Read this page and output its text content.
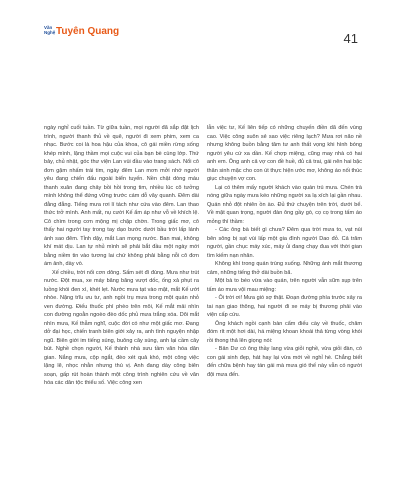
Văn
Nghệ Tuyên Quang	41

ngày nghỉ cuối tuần. Từ giữa tuần, mọi người đã sắp đặt lịch trình, người thanh thủ về quê, người đi xem phim, xem ca nhạc. Bước coi là hoa hậu của khoa, cô gái miền rừng sống khép mình, lặng thầm mọi cuộc vui của bạn bè cùng lớp. Thứ bảy, chủ nhật, góc thư viện Lan vùi đầu vào trang sách. Nổi cô đơn gặm nhấm trái tim, ngày đêm Lan mơn mởi nhớ người yêu đang chiến đấu ngoài biển tuyến. Nền chật dòng máu thanh xuân đang chảy bồi hồi trong tim, nhiều lúc cô tưởng mình không thể đứng vững trước cám dỗ vây quanh. Đêm dài đằng đẵng. Tiếng mưa rơi lí tách như cứa vào đêm. Lan thao thức trở mình. Anh mất, nụ cười Kế ẩm áp như vỗ về khích lệ. Cô chìm trong cơn mộng mị chập chờn. Trong giấc mơ, cô thấy hai người tay trong tay dạo bước dưới bầu trời lấp lánh ánh sao đêm. Tỉnh dậy, mắt Lan mọng nước. Ban mai, không khí mát dịu. Lan tự nhủ mình sẽ phải bắt đầu một ngày mới bằng niềm tin vào tương lai chứ không phải bằng nỗi cô đơn ám ảnh, dày vò.

Xế chiều, trời nổi cơn dông. Sấm sét đì đùng. Mưa như trút nước. Đột mua, xe máy băng băng vượt dốc, ống xả phụt ra luồng khói đen xì, khét lẹt. Nước mưa tạt vào mặt, mắt Kế ướt nhòe. Nặng trĩu ưu tư, anh ngồi trụ mưa trong một quán nhỏ ven đường. Điếu thuốc phì phèo trên môi, Kế mắt mải nhìn con đường ngoằn ngoèo đèo dốc phủ mưa trắng xóa. Dõi mắt nhìn mưa, Kế thẫm nghĩ, cuộc đời có như một giấc mơ. Đang dở đại học, chiến tranh biên giới xảy ra, anh tình nguyện nhập ngũ. Biên giới im tiếng súng, buông cây súng, anh lại cầm cây bút. Nghề chọn người, Kế thành nhà sưu tầm văn hóa dân gian. Nắng mưa, cộp ngắt, đèo xét quả khó, một công việc lặng lẽ, nhọc nhằn nhưng thú vị. Anh đang dày công biên soạn, gấp rút hoàn thành một công trình nghiên cứu về văn hóa các dân tộc thiểu số. Việc công xen

lẫn việc tư, Kế liên tiếp có những chuyến điền dã đến vùng cao. Việc công suôn sẻ sao việc riêng lạch? Mưa rơi não nề nhưng không buồn bằng tâm tư anh thất vọng khi hình bóng người yêu cứ xa dần. Kế chợp miệng, cũng may nhà có hai anh em. Ông anh cả vợ con đề huề, đủ cả trai, gái nên hai bậc thân sinh mặc cho con út thực hiện ước mơ, không áo nối thúc giục chuyện vợ con.

Lại có thêm mấy người khách vào quán trú mưa. Chén trà nóng giữa ngày mưa kéo những người xa lạ xích lại gần nhau. Quán nhỏ đột nhiên ồn ào. Đủ thứ chuyện trên trời, dưới bể. Về mặt quan trọng, người đàn ông gầy gò, cọ cọ trong tấm áo mỏng thì thầm:

- Các ông bà biết gì chưa? Đêm qua trời mưa to, vạt núi bên sông bị sạt vùi lấp một gia đình người Dao đỏ. Cả trăm người, gần chục máy xúc, máy ủi đang chạy đua với thời gian tìm kiếm nạn nhân.

Không khí trong quán trùng xuống. Những ánh mắt thương cảm, những tiếng thở dài buồn bã.

Một bà to béo vừa vào quán, trên người vẫn sũm sụp trên tấm áo mưa vội mau miệng:

- Ôi trời ơi! Mưa gió sợ thật. Đoạn đường phía trước xảy ra tai nạn giao thông, hai người đi xe máy bị thương phải vào viện cấp cứu.

Ông khách ngồi cạnh bàn cẩm điếu cày về thuốc, châm đóm rít một hơi dài, há miệng khoan khoái thả từng vòng khói rồi thong thả lên giọng nói:

- Bản Dư có ông thầy lang vừa giỏi nghề, vừa giỏi đàn, có con gái sinh đẹp, hát hay lại vừa mới về nghỉ hè. Chẳng biết đến chữa bệnh hay tán gái mà mưa gió thế này vẫn có người đội mưa đến.
